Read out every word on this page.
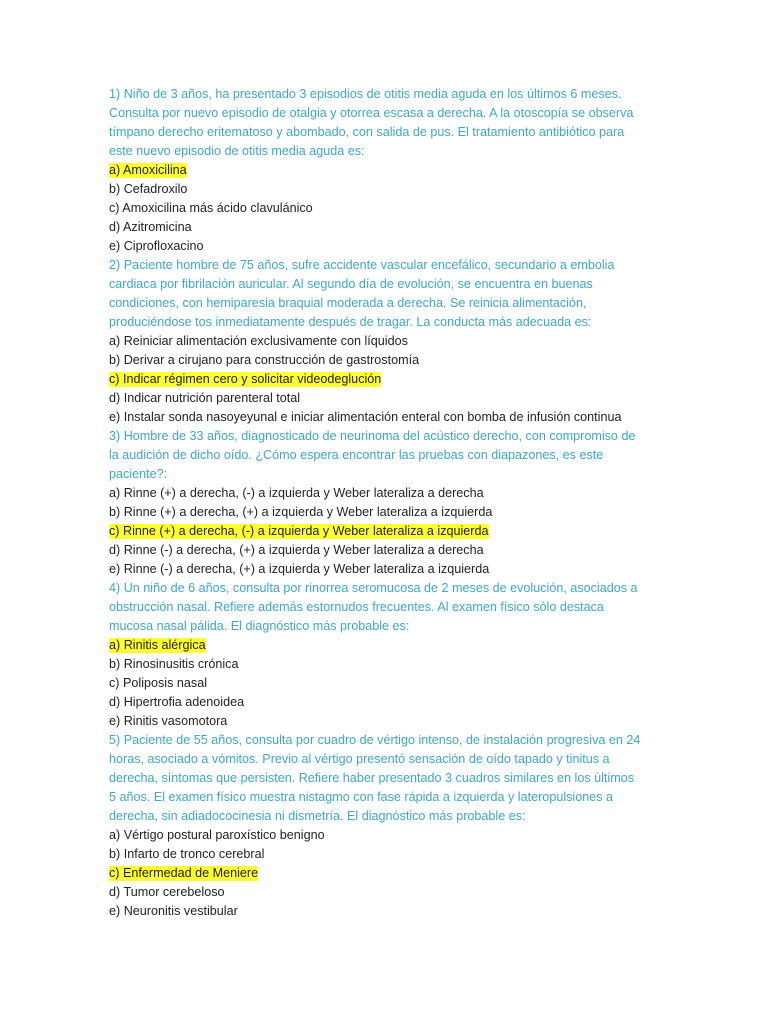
1) Niño de 3 años, ha presentado 3 episodios de otitis media aguda en los últimos 6 meses.
Consulta por nuevo episodio de otalgia y otorrea escasa a derecha. A la otoscopía se observa
tímpano derecho eritematoso y abombado, con salida de pus. El tratamiento antibiótico para
este nuevo episodio de otitis media aguda es:
a) Amoxicilina
b) Cefadroxilo
c) Amoxicilina más ácido clavulánico
d) Azitromicina
e) Ciprofloxacino
2) Paciente hombre de 75 años, sufre accidente vascular encefálico, secundario a embolia
cardiaca por fibrilación auricular. Al segundo día de evolución, se encuentra en buenas
condiciones, con hemiparesia braquial moderada a derecha. Se reinicia alimentación,
produciéndose tos inmediatamente después de tragar. La conducta más adecuada es:
a) Reiniciar alimentación exclusivamente con líquidos
b) Derivar a cirujano para construcción de gastrostomía
c) Indicar régimen cero y solicitar videodeglución
d) Indicar nutrición parenteral total
e) Instalar sonda nasoyeyunal e iniciar alimentación enteral con bomba de infusión continua
3) Hombre de 33 años, diagnosticado de neurinoma del acústico derecho, con compromiso de
la audición de dicho oído. ¿Cómo espera encontrar las pruebas con diapazones, es este
paciente?:
a) Rinne (+) a derecha, (-) a izquierda y Weber lateraliza a derecha
b) Rinne (+) a derecha, (+) a izquierda y Weber lateraliza a izquierda
c) Rinne (+) a derecha, (-) a izquierda y Weber lateraliza a izquierda
d) Rinne (-) a derecha, (+) a izquierda y Weber lateraliza a derecha
e) Rinne (-) a derecha, (+) a izquierda y Weber lateraliza a izquierda
4) Un niño de 6 años, consulta por rinorrea seromucosa de 2 meses de evolución, asociados a
obstrucción nasal. Refiere además estornudos frecuentes. Al examen físico sólo destaca
mucosa nasal pálida. El diagnóstico más probable es:
a) Rinitis alérgica
b) Rinosinusitis crónica
c) Poliposis nasal
d) Hipertrofia adenoidea
e) Rinitis vasomotora
5) Paciente de 55 años, consulta por cuadro de vértigo intenso, de instalación progresiva en 24
horas, asociado a vómitos. Previo al vértigo presentó sensación de oído tapado y tinitus a
derecha, síntomas que persisten. Refiere haber presentado 3 cuadros similares en los últimos
5 años. El examen físico muestra nistagmo con fase rápida a izquierda y lateropulsiones a
derecha, sin adiadococinesia ni dismetría. El diagnóstico más probable es:
a) Vértigo postural paroxístico benigno
b) Infarto de tronco cerebral
c) Enfermedad de Meniere
d) Tumor cerebeloso
e) Neuronitis vestibular
